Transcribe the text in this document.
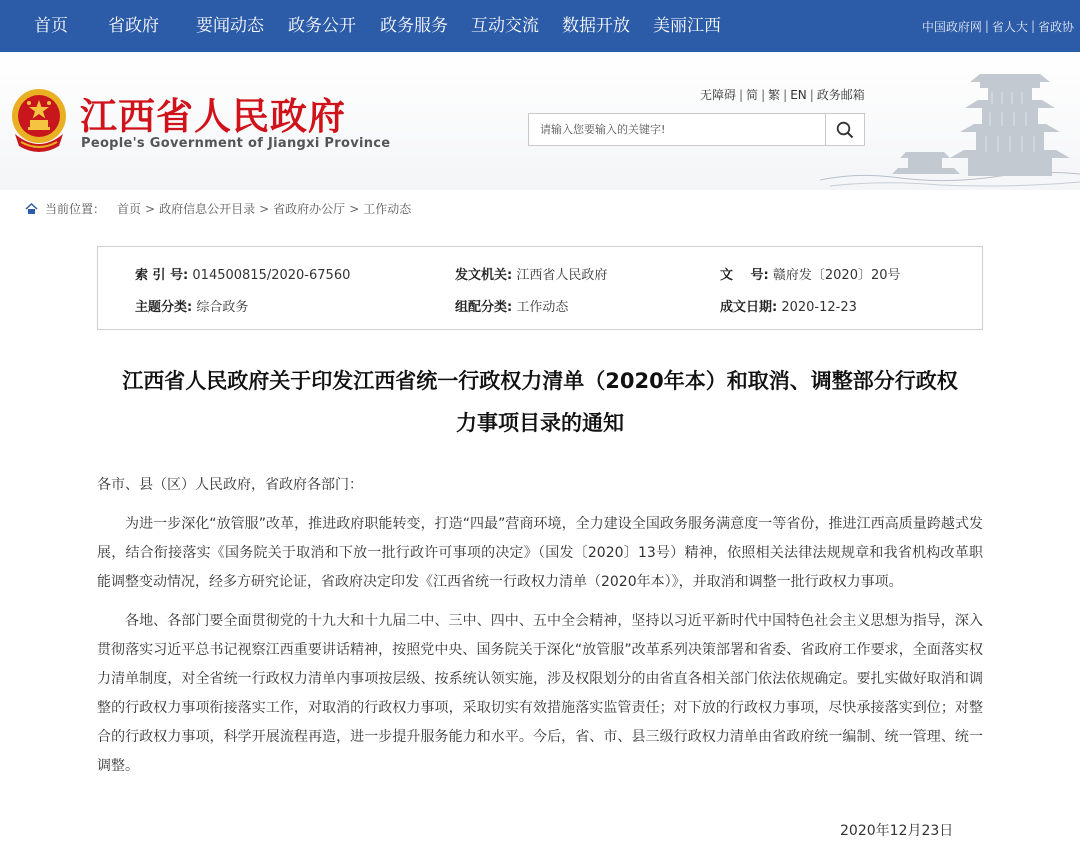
首页	省政府	要闻动态	政务公开	政务服务	互动交流	数据开放	美丽江西	中国政府网 | 省人大 | 省政协
江西省人民政府
People's Government of Jiangxi Province
无障碍 | 简 | 繁 | EN | 政务邮箱
请输入您要输入的关键字!
当前位置： 首页 > 政府信息公开目录 > 省政府办公厅 > 工作动态
索 引 号: 014500815/2020-67560	发文机关: 江西省人民政府	文　 号: 赣府发〔2020〕20号
主题分类: 综合政务	组配分类: 工作动态	成文日期: 2020-12-23
江西省人民政府关于印发江西省统一行政权力清单（2020年本）和取消、调整部分行政权
力事项目录的通知

各市、县（区）人民政府，省政府各部门：

为进一步深化“放管服”改革，推进政府职能转变，打造“四最”营商环境，全力建设全国政务服务满意度一等省份，推进江西高质量跨越式发展，结合衔接落实《国务院关于取消和下放一批行政许可事项的决定》（国发〔2020〕13号）精神，依照相关法律法规规章和我省机构改革职能调整变动情况，经多方研究论证，省政府决定印发《江西省统一行政权力清单（2020年本）》，并取消和调整一批行政权力事项。

各地、各部门要全面贯彻党的十九大和十九届二中、三中、四中、五中全会精神，坚持以习近平新时代中国特色社会主义思想为指导，深入贯彻落实习近平总书记视察江西重要讲话精神，按照党中央、国务院关于深化“放管服”改革系列决策部署和省委、省政府工作要求，全面落实权力清单制度，对全省统一行政权力清单内事项按层级、按系统认领实施，涉及权限划分的由省直各相关部门依法依规确定。要扎实做好取消和调整的行政权力事项衔接落实工作，对取消的行政权力事项，采取切实有效措施落实监管责任；对下放的行政权力事项，尽快承接落实到位；对整合的行政权力事项，科学开展流程再造，进一步提升服务能力和水平。今后，省、市、县三级行政权力清单由省政府统一编制、统一管理、统一调整。

2020年12月23日
